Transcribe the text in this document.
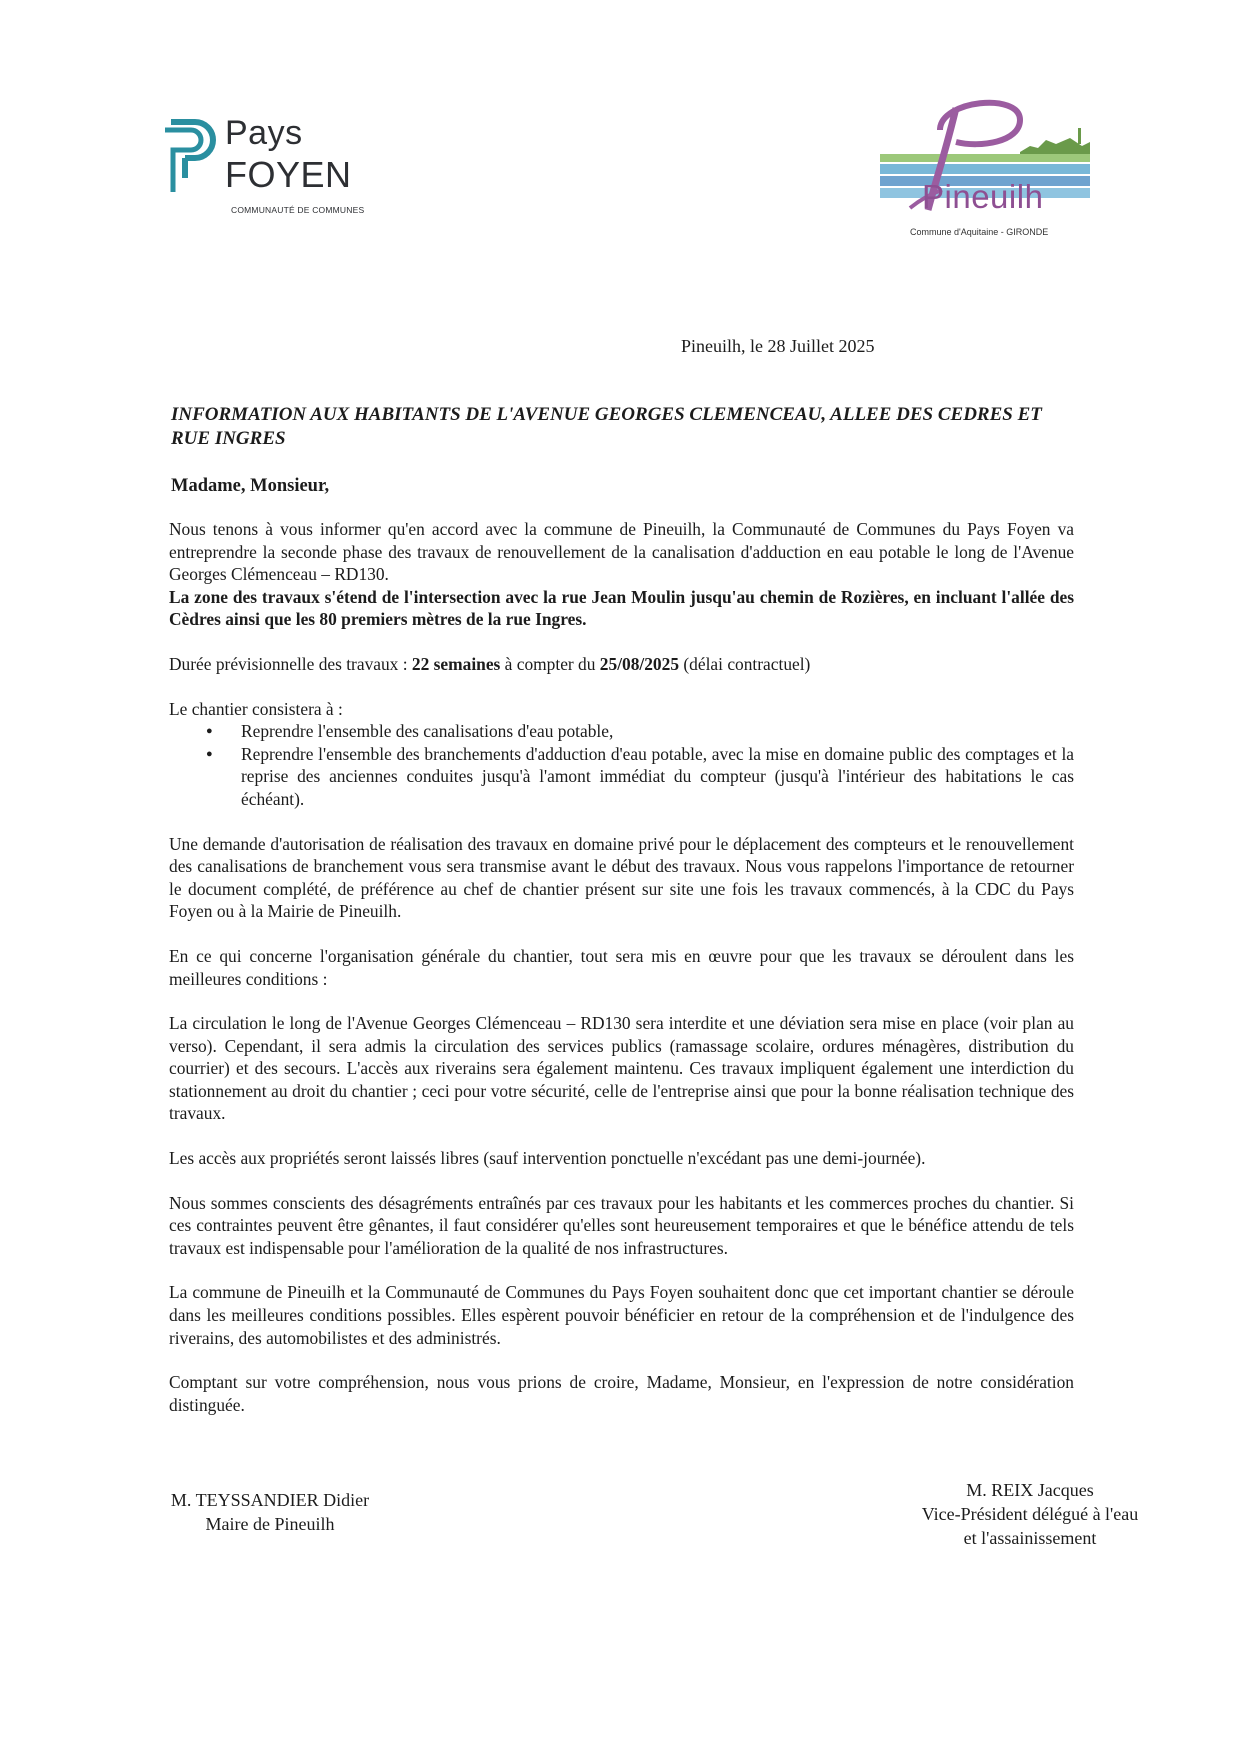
Pays
FOYEN
COMMUNAUTÉ DE COMMUNES	Pineuilh
Commune d'Aquitaine - GIRONDE
Pineuilh, le 28 Juillet 2025
INFORMATION AUX HABITANTS DE L'AVENUE GEORGES CLEMENCEAU, ALLEE DES CEDRES ET RUE INGRES
Madame, Monsieur,

Nous tenons à vous informer qu'en accord avec la commune de Pineuilh, la Communauté de Communes du Pays Foyen va entreprendre la seconde phase des travaux de renouvellement de la canalisation d'adduction en eau potable le long de l'Avenue Georges Clémenceau – RD130.

La zone des travaux s'étend de l'intersection avec la rue Jean Moulin jusqu'au chemin de Rozières, en incluant l'allée des Cèdres ainsi que les 80 premiers mètres de la rue Ingres.

Durée prévisionnelle des travaux : 22 semaines à compter du 25/08/2025 (délai contractuel)

Le chantier consistera à :

● Reprendre l'ensemble des canalisations d'eau potable,
● Reprendre l'ensemble des branchements d'adduction d'eau potable, avec la mise en domaine public des comptages et la reprise des anciennes conduites jusqu'à l'amont immédiat du compteur (jusqu'à l'intérieur des habitations le cas échéant).

Une demande d'autorisation de réalisation des travaux en domaine privé pour le déplacement des compteurs et le renouvellement des canalisations de branchement vous sera transmise avant le début des travaux. Nous vous rappelons l'importance de retourner le document complété, de préférence au chef de chantier présent sur site une fois les travaux commencés, à la CDC du Pays Foyen ou à la Mairie de Pineuilh.

En ce qui concerne l'organisation générale du chantier, tout sera mis en œuvre pour que les travaux se déroulent dans les meilleures conditions :

La circulation le long de l'Avenue Georges Clémenceau – RD130 sera interdite et une déviation sera mise en place (voir plan au verso). Cependant, il sera admis la circulation des services publics (ramassage scolaire, ordures ménagères, distribution du courrier) et des secours. L'accès aux riverains sera également maintenu. Ces travaux impliquent également une interdiction du stationnement au droit du chantier ; ceci pour votre sécurité, celle de l'entreprise ainsi que pour la bonne réalisation technique des travaux.

Les accès aux propriétés seront laissés libres (sauf intervention ponctuelle n'excédant pas une demi-journée).

Nous sommes conscients des désagréments entraînés par ces travaux pour les habitants et les commerces proches du chantier. Si ces contraintes peuvent être gênantes, il faut considérer qu'elles sont heureusement temporaires et que le bénéfice attendu de tels travaux est indispensable pour l'amélioration de la qualité de nos infrastructures.

La commune de Pineuilh et la Communauté de Communes du Pays Foyen souhaitent donc que cet important chantier se déroule dans les meilleures conditions possibles. Elles espèrent pouvoir bénéficier en retour de la compréhension et de l'indulgence des riverains, des automobilistes et des administrés.

Comptant sur votre compréhension, nous vous prions de croire, Madame, Monsieur, en l'expression de notre considération distinguée.

M. TEYSSANDIER Didier
Maire de Pineuilh
M. REIX Jacques
Vice-Président délégué à l'eau
et l'assainissement
